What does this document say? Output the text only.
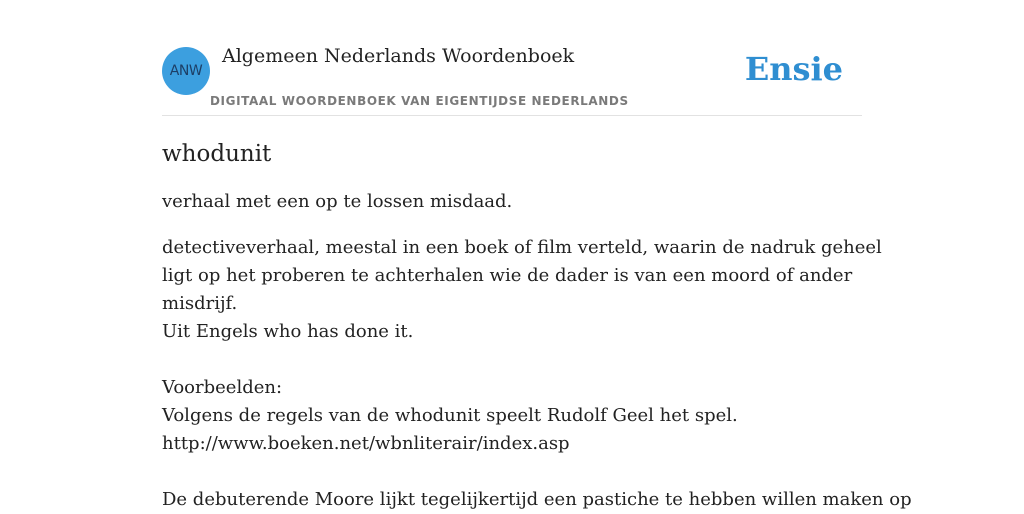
ANW
Algemeen Nederlands Woordenboek
DIGITAAL WOORDENBOEK VAN EIGENTIJDSE NEDERLANDS
Ensie
whodunit

verhaal met een op te lossen misdaad.

detectiveverhaal, meestal in een boek of film verteld, waarin de nadruk geheel
ligt op het proberen te achterhalen wie de dader is van een moord of ander
misdrijf.
Uit Engels who has done it.
Voorbeelden:
Volgens de regels van de whodunit speelt Rudolf Geel het spel.
http://www.boeken.net/wbnliterair/index.asp
De debuterende Moore lijkt tegelijkertijd een pastiche te hebben willen maken op
